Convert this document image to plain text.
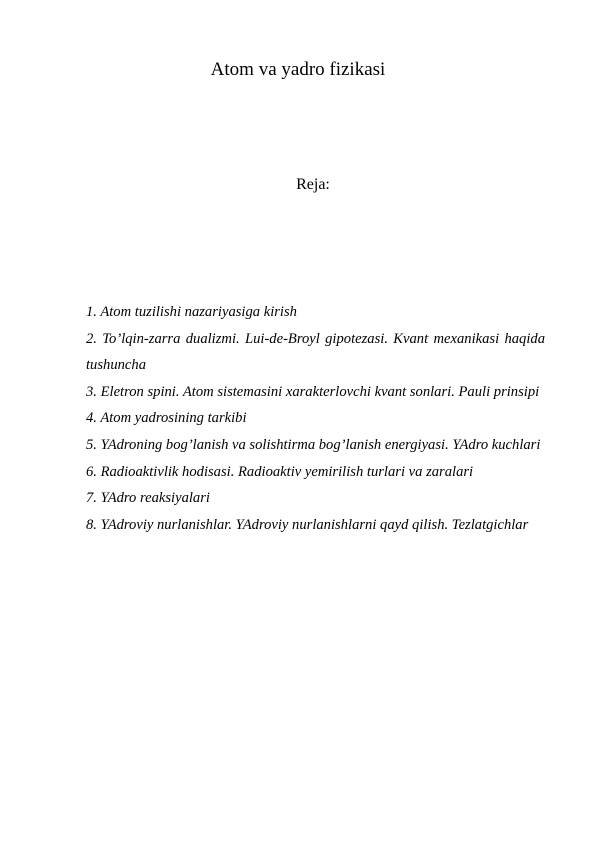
Atom va yadro fizikasi
Reja:
1. Atom tuzilishi nazariyasiga kirish
2. To’lqin-zarra dualizmi. Lui-de-Broyl gipotezasi. Kvant mexanikasi haqida tushuncha
3. Eletron spini. Atom sistemasini xarakterlovchi kvant sonlari. Pauli prinsipi
4. Atom yadrosining tarkibi
5. YAdroning bog’lanish va solishtirma bog’lanish energiyasi. YAdro kuchlari
6. Radioaktivlik hodisasi. Radioaktiv yemirilish turlari va zaralari
7. YAdro reaksiyalari
8. YAdroviy nurlanishlar. YAdroviy nurlanishlarni qayd qilish. Tezlatgichlar
